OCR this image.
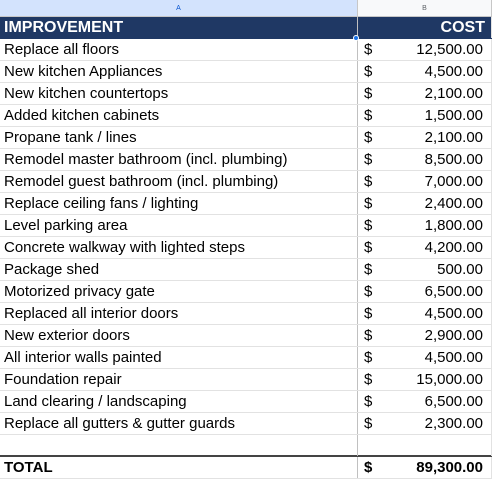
A	B
IMPROVEMENT	COST
Replace all floors	$	12,500.00
New kitchen Appliances	$	4,500.00
New kitchen countertops	$	2,100.00
Added kitchen cabinets	$	1,500.00
Propane tank / lines	$	2,100.00
Remodel master bathroom (incl. plumbing)	$	8,500.00
Remodel guest bathroom (incl. plumbing)	$	7,000.00
Replace ceiling fans / lighting	$	2,400.00
Level parking area	$	1,800.00
Concrete walkway with lighted steps	$	4,200.00
Package shed	$	500.00
Motorized privacy gate	$	6,500.00
Replaced all interior doors	$	4,500.00
New exterior doors	$	2,900.00
All interior walls painted	$	4,500.00
Foundation repair	$	15,000.00
Land clearing / landscaping	$	6,500.00
Replace all gutters & gutter guards	$	2,300.00
TOTAL	$	89,300.00
